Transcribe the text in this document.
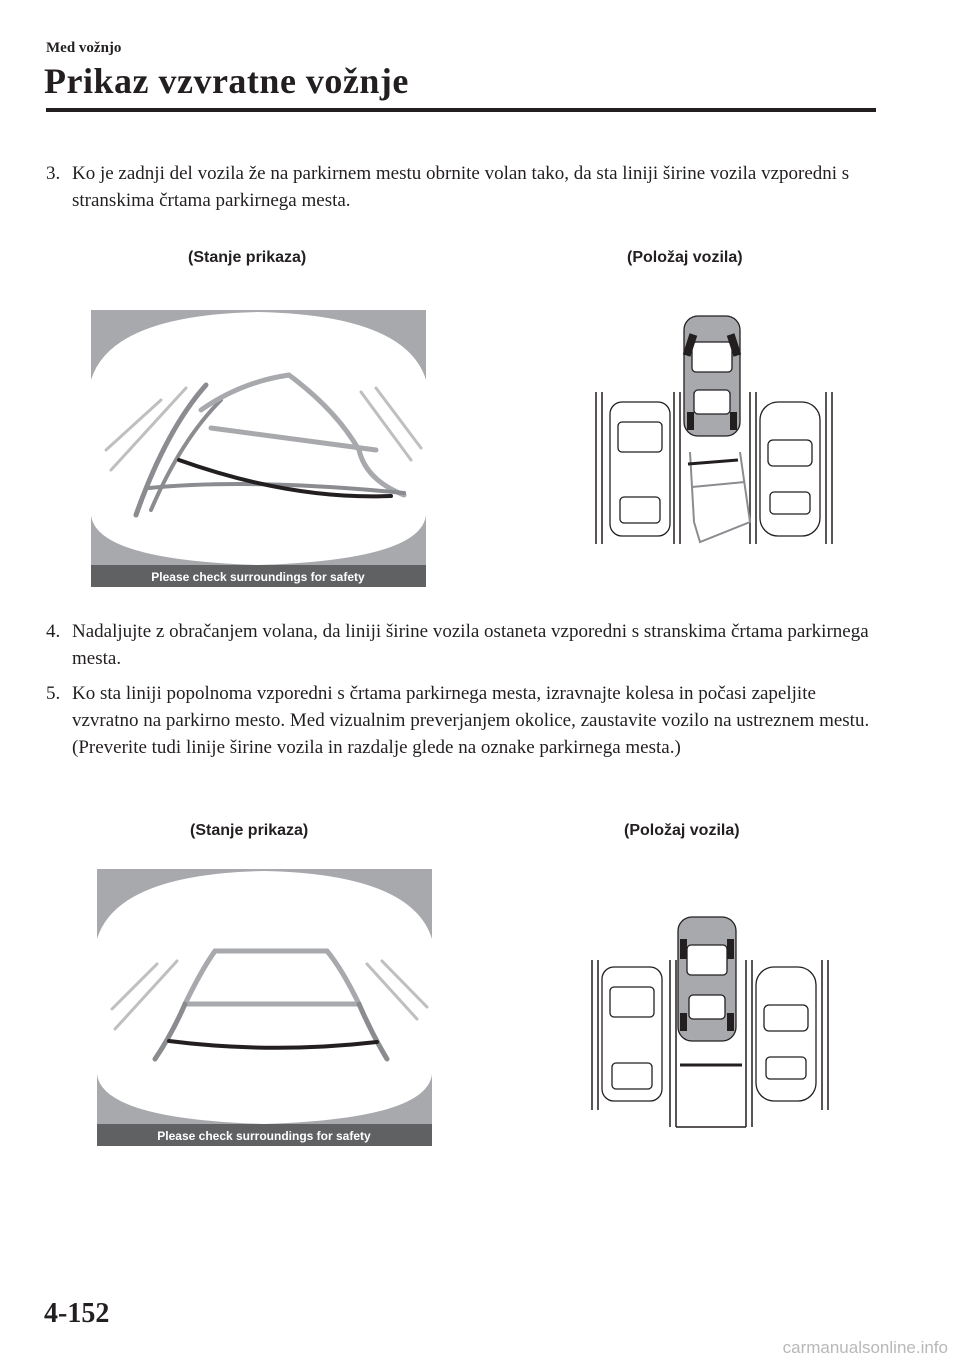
Med vožnjo
Prikaz vzvratne vožnje
3. Ko je zadnji del vozila že na parkirnem mestu obrnite volan tako, da sta liniji širine vozila vzporedni s stranskima črtama parkirnega mesta.
(Stanje prikaza)	(Položaj vozila)
Please check surroundings for safety
4. Nadaljujte z obračanjem volana, da liniji širine vozila ostaneta vzporedni s stranskima črtama parkirnega mesta.
5. Ko sta liniji popolnoma vzporedni s črtama parkirnega mesta, izravnajte kolesa in počasi zapeljite vzvratno na parkirno mesto. Med vizualnim preverjanjem okolice, zaustavite vozilo na ustreznem mestu. (Preverite tudi linije širine vozila in razdalje glede na oznake parkirnega mesta.)
(Stanje prikaza)	(Položaj vozila)
Please check surroundings for safety
4-152
carmanualsonline.info
